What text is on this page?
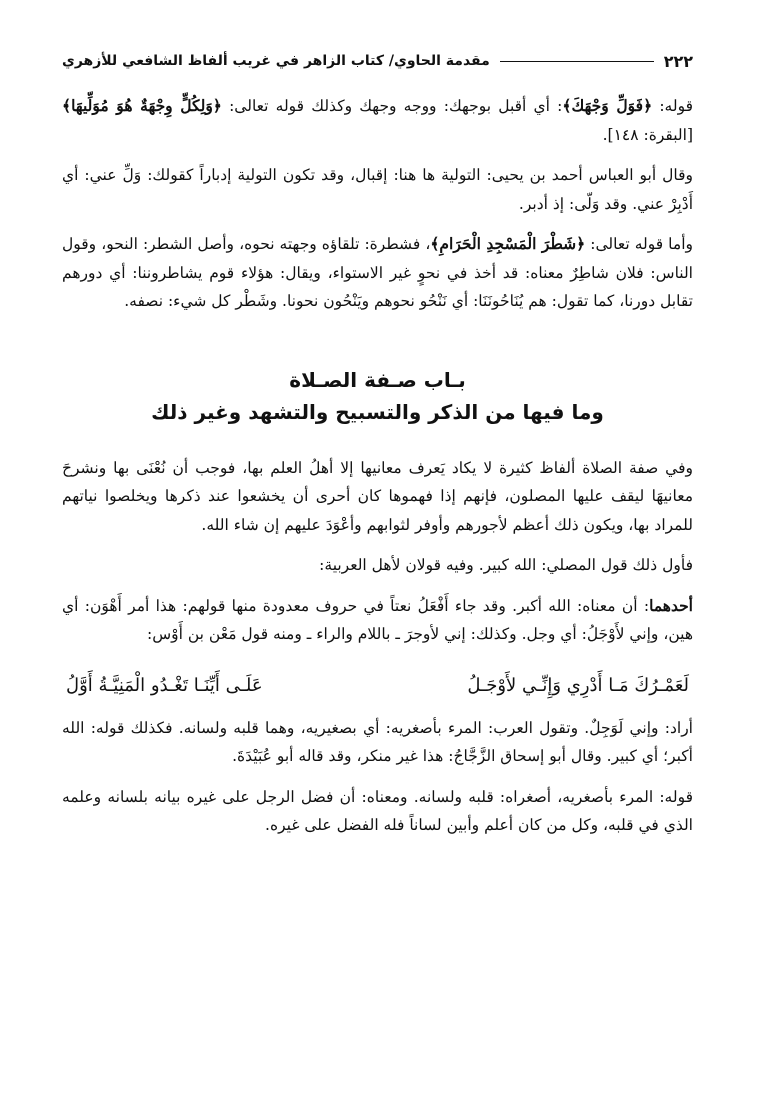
٢٢٢
مقدمة الحاوي/ كتاب الزاهر في غريب ألفاظ الشافعي للأزهري

قوله: ﴿فَوَلِّ وَجْهَكَ﴾: أي أقبل بوجهك: ووجه وجهك وكذلك قوله تعالى: ﴿وَلِكُلٍّ وِجْهَةٌ هُوَ مُوَلِّيهَا﴾ [البقرة: ١٤٨].

وقال أبو العباس أحمد بن يحيى: التولية ها هنا: إقبال، وقد تكون التولية إدباراً كقولك: وَلِّ عني: أي أَدْبِرْ عني. وقد وَلّى: إذ أدبر.

وأما قوله تعالى: ﴿شَطْرَ الْمَسْجِدِ الْحَرَامِ﴾، فشطرة: تلقاؤه وجهته نحوه، وأصل الشطر: النحو، وقول الناس: فلان شاطِرٌ معناه: قد أخذ في نحوٍ غير الاستواء، ويقال: هؤلاء قوم يشاطروننا: أي دورهم تقابل دورنا، كما تقول: هم يُنَاحُونَنَا: أي نَنْحُو نحوهم ويَنْحُون نحونا. وشَطْر كل شيء: نصفه.

بـاب صـفة الصـلاة
وما فيها من الذكر والتسبيح والتشهد وغير ذلك

وفي صفة الصلاة ألفاظ كثيرة لا يكاد يَعرف معانيها إلا أهلُ العلم بها، فوجب أن نُعْنَى بها ونشرحَ معانيهَا ليقف عليها المصلون، فإنهم إذا فهموها كان أحرى أن يخشعوا عند ذكرها ويخلصوا نياتهم للمراد بها، ويكون ذلك أعظم لأجورهم وأوفر لثوابهم وأعْوَدَ عليهم إن شاء الله.

فأول ذلك قول المصلي: الله كبير. وفيه قولان لأهل العربية:

أحدهما: أن معناه: الله أكبر. وقد جاء أَفْعَلُ نعتاً في حروف معدودة منها قولهم: هذا أمر أَهْوَن: أي هين، وإني لأَوْجَلُ: أي وجل. وكذلك: إني لأوجرَ ـ باللام والراء ـ ومنه قول مَعْن بن أَوْس:

لَعَمْـرُكَ مَـا أَدْرِي وَإِنِّـي لأَوْجَـلُ
عَلَـى أَيِّنَـا تَغْـدُو الْمَنِيَّـةُ أَوَّلُ

أراد: وإني لَوَجِلٌ. وتقول العرب: المرء بأصغريه: أي بصغيريه، وهما قلبه ولسانه. فكذلك قوله: الله أكبر؛ أي كبير. وقال أبو إسحاق الزَّجَّاجُ: هذا غير منكر، وقد قاله أبو عُبَيْدَةَ.

قوله: المرء بأصغريه، أصغراه: قلبه ولسانه. ومعناه: أن فضل الرجل على غيره بيانه بلسانه وعلمه الذي في قلبه، وكل من كان أعلم وأبين لساناً فله الفضل على غيره.
